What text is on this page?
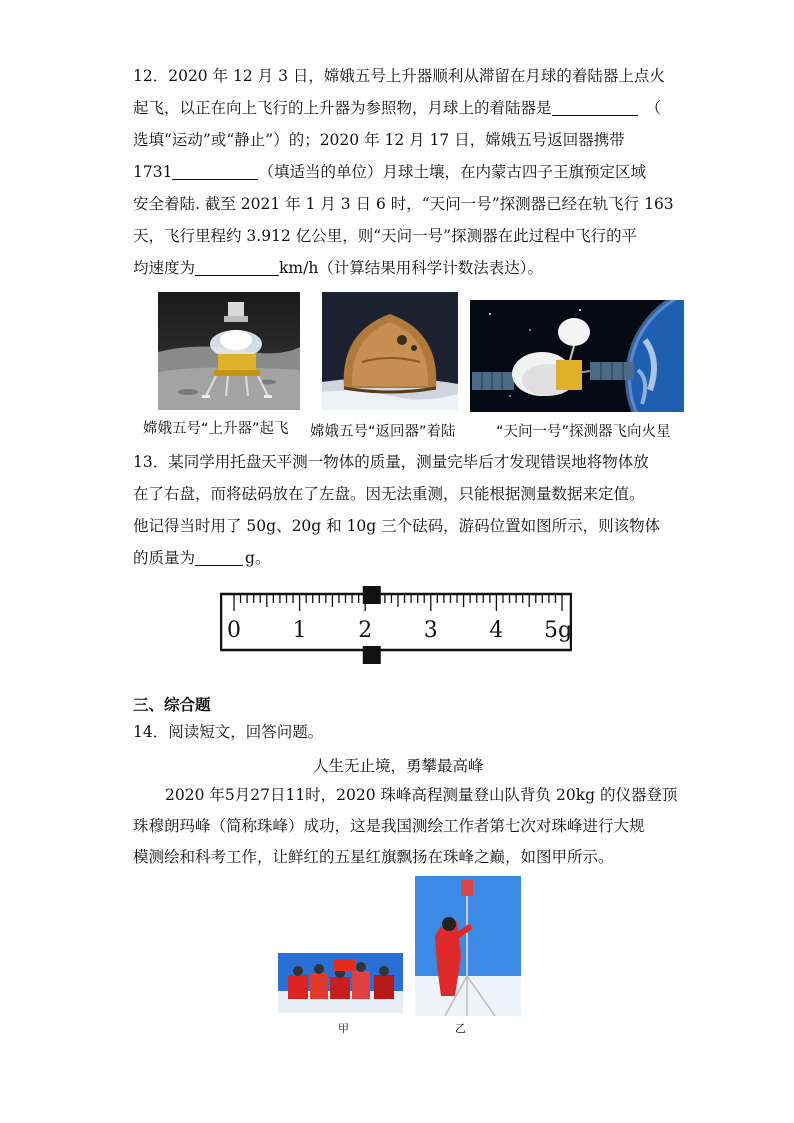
12．2020 年 12 月 3 日，嫦娥五号上升器顺利从滞留在月球的着陆器上点火
起飞，以正在向上飞行的上升器为参照物，月球上的着陆器是	（
选填“运动”或“静止”）的；2020 年 12 月 17 日，嫦娥五号返回器携带
1731	（填适当的单位）月球土壤，在内蒙古四子王旗预定区域
安全着陆. 截至 2021 年 1 月 3 日 6 时，“天问一号”探测器已经在轨飞行 163
天，飞行里程约 3.912 亿公里，则“天问一号”探测器在此过程中飞行的平
均速度为	km/h（计算结果用科学计数法表达）。
嫦娥五号“上升器”起飞 嫦娥五号“返回器”着陆	“天问一号”探测器飞向火星
13．某同学用托盘天平测一物体的质量，测量完毕后才发现错误地将物体放
在了右盘，而将砝码放在了左盘。因无法重测，只能根据测量数据来定值。
他记得当时用了 50g、20g 和 10g 三个砝码，游码位置如图所示，则该物体
的质量为	g。
0 1 2 3 4 5g
三、综合题
14．阅读短文，回答问题。
人生无止境，勇攀最高峰
2020 年5月27日11时，2020 珠峰高程测量登山队背负 20kg 的仪器登顶
珠穆朗玛峰（简称珠峰）成功，这是我国测绘工作者第七次对珠峰进行大规
模测绘和科考工作，让鲜红的五星红旗飘扬在珠峰之巅，如图甲所示。
甲	乙
